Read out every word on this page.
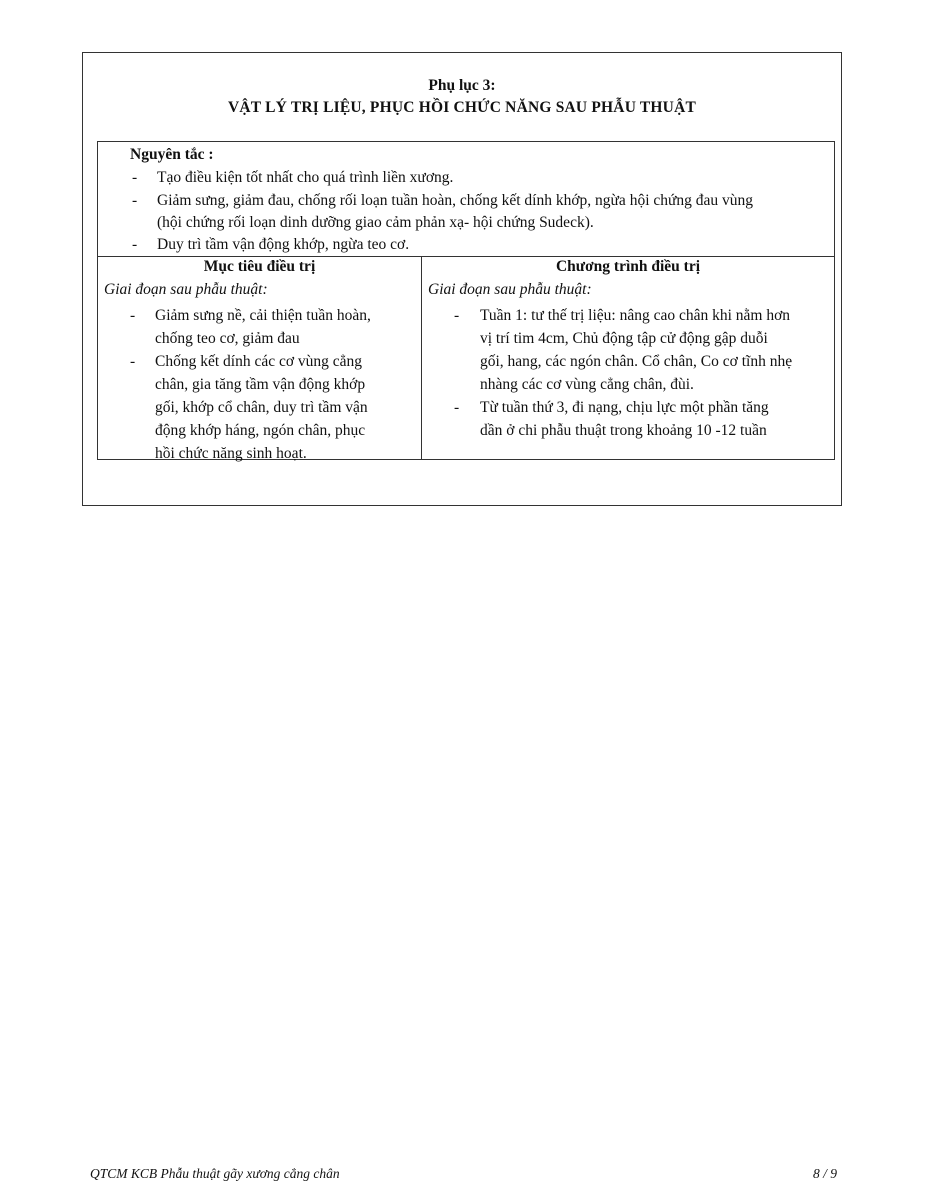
Phụ lục 3:
VẬT LÝ TRỊ LIỆU, PHỤC HỒI CHỨC NĂNG SAU PHẪU THUẬT
Nguyên tắc :
- Tạo điều kiện tốt nhất cho quá trình liền xương.
- Giảm sưng, giảm đau, chống rối loạn tuần hoàn, chống kết dính khớp, ngừa hội chứng đau vùng
(hội chứng rối loạn dinh dưỡng giao cảm phản xạ- hội chứng Sudeck).
- Duy trì tầm vận động khớp, ngừa teo cơ.
Mục tiêu điều trị
Giai đoạn sau phẫu thuật:
- Giảm sưng nề, cải thiện tuần hoàn,
chống teo cơ, giảm đau
- Chống kết dính các cơ vùng cẳng
chân, gia tăng tầm vận động khớp
gối, khớp cổ chân, duy trì tầm vận
động khớp háng, ngón chân, phục
hồi chức năng sinh hoạt.
Chương trình điều trị
Giai đoạn sau phẫu thuật:
- Tuần 1: tư thế trị liệu: nâng cao chân khi nằm hơn
vị trí tim 4cm, Chủ động tập cử động gập duỗi
gối, hang, các ngón chân. Cổ chân, Co cơ tĩnh nhẹ
nhàng các cơ vùng cẳng chân, đùi.
- Từ tuần thứ 3, đi nạng, chịu lực một phần tăng
dần ở chi phẫu thuật trong khoảng 10 -12 tuần
QTCM KCB Phẫu thuật gãy xương cẳng chân	8 / 9
